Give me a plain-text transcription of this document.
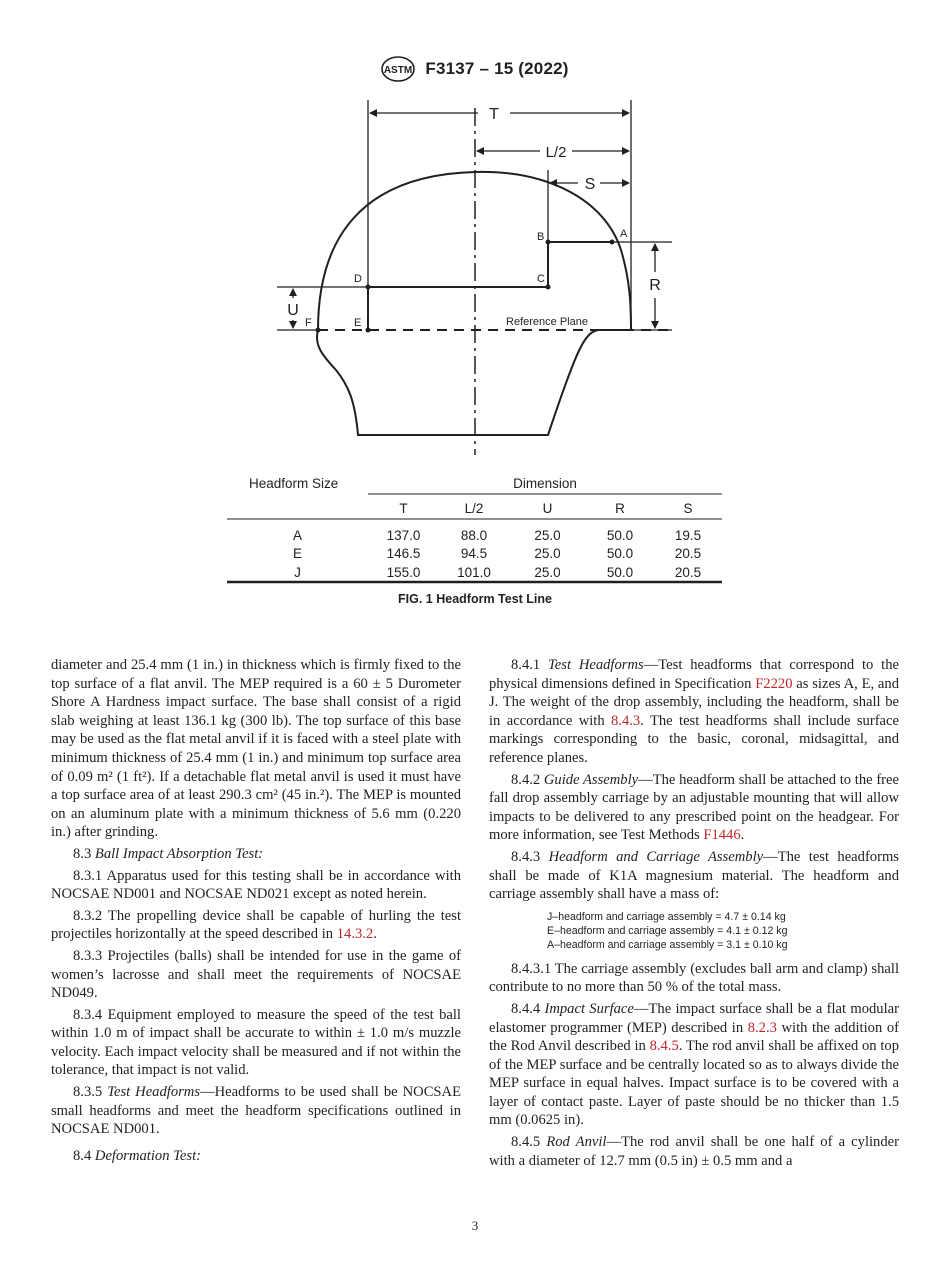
ASTM F3137 – 15 (2022)
T
L/2
S
R
U
A
B
C
D
E
F	Reference Plane
Headform Size	Dimension				
	T	L/2	U	R	S

A	137.0	88.0	25.0	50.0	19.5
E	146.5	94.5	25.0	50.0	20.5
J	155.0	101.0	25.0	50.0	20.5
FIG. 1 Headform Test Line

diameter and 25.4 mm (1 in.) in thickness which is firmly fixed to the top surface of a flat anvil. The MEP required is a 60 ± 5 Durometer Shore A Hardness impact surface. The base shall consist of a rigid slab weighing at least 136.1 kg (300 lb). The top surface of this base may be used as the flat metal anvil if it is faced with a steel plate with minimum thickness of 25.4 mm (1 in.) and minimum top surface area of 0.09 m² (1 ft²). If a detachable flat metal anvil is used it must have a top surface area of at least 290.3 cm² (45 in.²). The MEP is mounted on an aluminum plate with a minimum thickness of 5.6 mm (0.220 in.) after grinding.

8.3 Ball Impact Absorption Test:

8.3.1 Apparatus used for this testing shall be in accordance with NOCSAE ND001 and NOCSAE ND021 except as noted herein.

8.3.2 The propelling device shall be capable of hurling the test projectiles horizontally at the speed described in 14.3.2.

8.3.3 Projectiles (balls) shall be intended for use in the game of women’s lacrosse and shall meet the requirements of NOCSAE ND049.

8.3.4 Equipment employed to measure the speed of the test ball within 1.0 m of impact shall be accurate to within ± 1.0 m/s muzzle velocity. Each impact velocity shall be measured and if not within the tolerance, that impact is not valid.

8.3.5 Test Headforms—Headforms to be used shall be NOCSAE small headforms and meet the headform specifications outlined in NOCSAE ND001.

8.4 Deformation Test:

8.4.1 Test Headforms—Test headforms that correspond to the physical dimensions defined in Specification F2220 as sizes A, E, and J. The weight of the drop assembly, including the headform, shall be in accordance with 8.4.3. The test headforms shall include surface markings corresponding to the basic, coronal, midsagittal, and reference planes.

8.4.2 Guide Assembly—The headform shall be attached to the free fall drop assembly carriage by an adjustable mounting that will allow impacts to be delivered to any prescribed point on the headgear. For more information, see Test Methods F1446.

8.4.3 Headform and Carriage Assembly—The test headforms shall be made of K1A magnesium material. The headform and carriage assembly shall have a mass of:

J–headform and carriage assembly = 4.7 ± 0.14 kg
E–headform and carriage assembly = 4.1 ± 0.12 kg
A–headform and carriage assembly = 3.1 ± 0.10 kg

8.4.3.1 The carriage assembly (excludes ball arm and clamp) shall contribute to no more than 50 % of the total mass.

8.4.4 Impact Surface—The impact surface shall be a flat modular elastomer programmer (MEP) described in 8.2.3 with the addition of the Rod Anvil described in 8.4.5. The rod anvil shall be affixed on top of the MEP surface and be centrally located so as to always divide the MEP surface in equal halves. Impact surface is to be covered with a layer of contact paste. Layer of paste should be no thicker than 1.5 mm (0.0625 in).

8.4.5 Rod Anvil—The rod anvil shall be one half of a cylinder with a diameter of 12.7 mm (0.5 in) ± 0.5 mm and a

3
